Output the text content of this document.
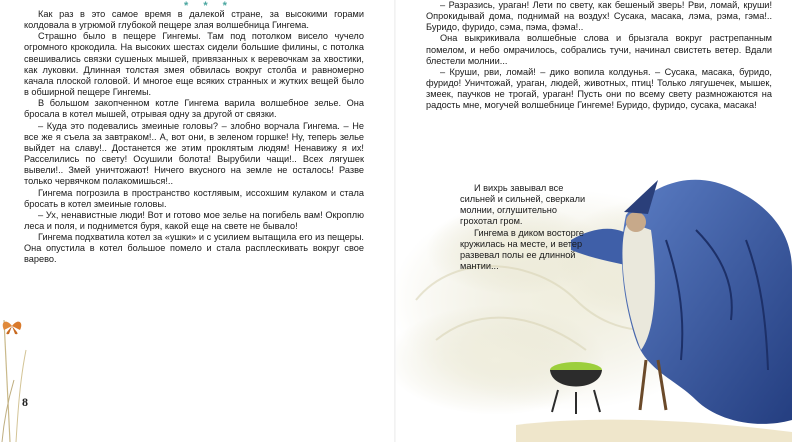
* * *

Как раз в это самое время в далекой стране, за высокими горами колдовала в угрюмой глубокой пещере злая волшебница Гингема.

Страшно было в пещере Гингемы. Там под потолком висело чучело огромного крокодила. На высоких шестах сидели большие филины, с потолка свешивались связки сушеных мышей, привязанных к веревочкам за хвостики, как луковки. Длинная толстая змея обвилась вокруг столба и равномерно качала плоской головой. И многое еще всяких странных и жутких вещей было в обширной пещере Гингемы.

В большом закопченном котле Гингема варила волшебное зелье. Она бросала в котел мышей, отрывая одну за другой от связки.

– Куда это подевались змеиные головы? – злобно ворчала Гингема. – Не все же я съела за завтраком!.. А, вот они, в зеленом горшке! Ну, теперь зелье выйдет на славу!.. Достанется же этим проклятым людям! Ненавижу я их! Расселились по свету! Осушили болота! Вырубили чащи!.. Всех лягушек вывели!.. Змей уничтожают! Ничего вкусного на земле не осталось! Разве только червячком полакомишься!..

Гингема погрозила в пространство костлявым, иссохшим кулаком и стала бросать в котел змеиные головы.

– Ух, ненавистные люди! Вот и готово мое зелье на погибель вам! Окроплю леса и поля, и поднимется буря, какой еще на свете не бывало!

Гингема подхватила котел за «ушки» и с усилием вытащила его из пещеры. Она опустила в котел большое помело и стала расплескивать вокруг свое варево.

8

– Разразись, ураган! Лети по свету, как бешеный зверь! Рви, ломай, круши! Опрокидывай дома, поднимай на воздух! Сусака, масака, лэма, рэма, гэма!.. Буридо, фуридо, сэма, пэма, фэма!..

Она выкрикивала волшебные слова и брызгала вокруг растрепанным помелом, и небо омрачилось, собрались тучи, начинал свистеть ветер. Вдали блестели молнии...

– Круши, рви, ломай! – дико вопила колдунья. – Сусака, масака, буридо, фуридо! Уничтожай, ураган, людей, животных, птиц! Только лягушечек, мышек, змеек, паучков не трогай, ураган! Пусть они по всему свету размножаются на радость мне, могучей волшебнице Гингеме! Буридо, фуридо, сусака, масака!

И вихрь завывал все сильней и сильней, сверкали молнии, оглушительно грохотал гром.

Гингема в диком восторге кружилась на месте, и ветер развевал полы ее длинной мантии...
